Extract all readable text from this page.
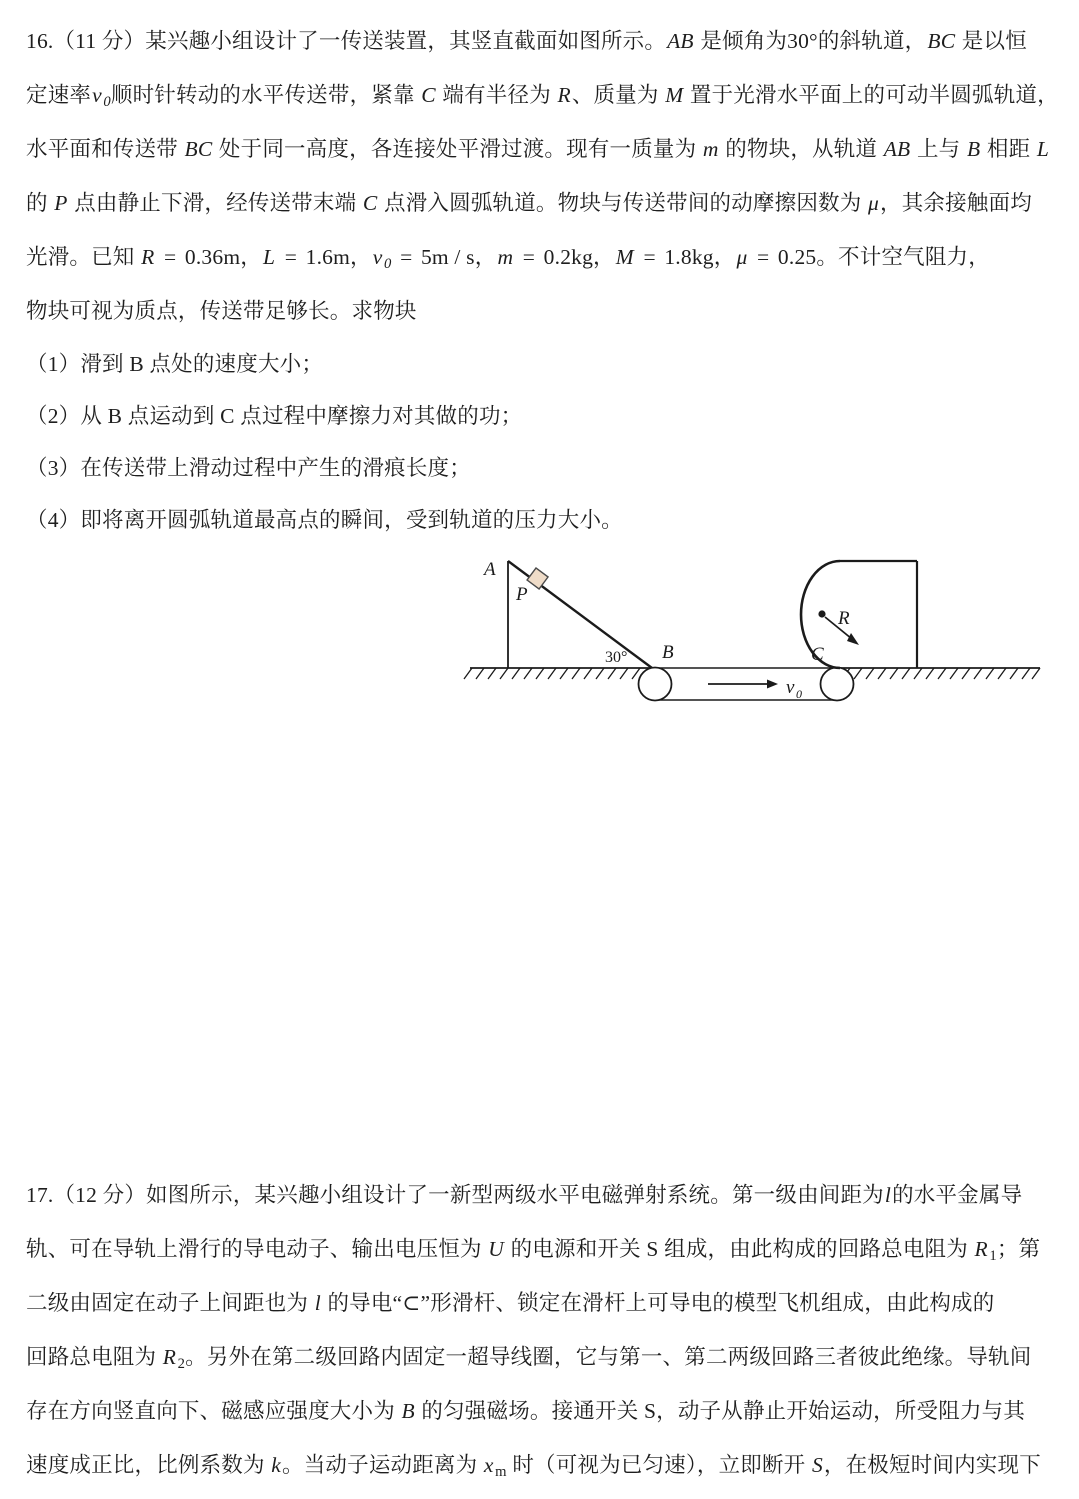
16.（11 分）某兴趣小组设计了一传送装置，其竖直截面如图所示。AB 是倾角为30°的斜轨道，BC 是以恒
定速率v 0顺时针转动的水平传送带，紧靠 C 端有半径为 R、质量为 M 置于光滑水平面上的可动半圆弧轨道，
水平面和传送带 BC 处于同一高度，各连接处平滑过渡。现有一质量为 m 的物块，从轨道 AB 上与 B 相距 L
的 P 点由静止下滑，经传送带末端 C 点滑入圆弧轨道。物块与传送带间的动摩擦因数为 μ，其余接触面均
光滑。已知 R = 0.36m，L = 1.6m，v 0 = 5m / s，m = 0.2kg，M = 1.8kg，μ = 0.25。不计空气阻力，
物块可视为质点，传送带足够长。求物块
（1）滑到 B 点处的速度大小；
（2）从 B 点运动到 C 点过程中摩擦力对其做的功；
（3）在传送带上滑动过程中产生的滑痕长度；
（4）即将离开圆弧轨道最高点的瞬间，受到轨道的压力大小。
A
P
B	C
R
30°
v 0
17.（12 分）如图所示，某兴趣小组设计了一新型两级水平电磁弹射系统。第一级由间距为l的水平金属导
轨、可在导轨上滑行的导电动子、输出电压恒为 U 的电源和开关 S 组成，由此构成的回路总电阻为 R 1；第
二级由固定在动子上间距也为 l 的导电“⊂”形滑杆、锁定在滑杆上可导电的模型飞机组成，由此构成的
回路总电阻为 R 2。另外在第二级回路内固定一超导线圈，它与第一、第二两级回路三者彼此绝缘。导轨间
存在方向竖直向下、磁感应强度大小为 B 的匀强磁场。接通开关 S，动子从静止开始运动，所受阻力与其
速度成正比，比例系数为 k。当动子运动距离为 x m 时（可视为已匀速），立即断开 S，在极短时间内实现下
